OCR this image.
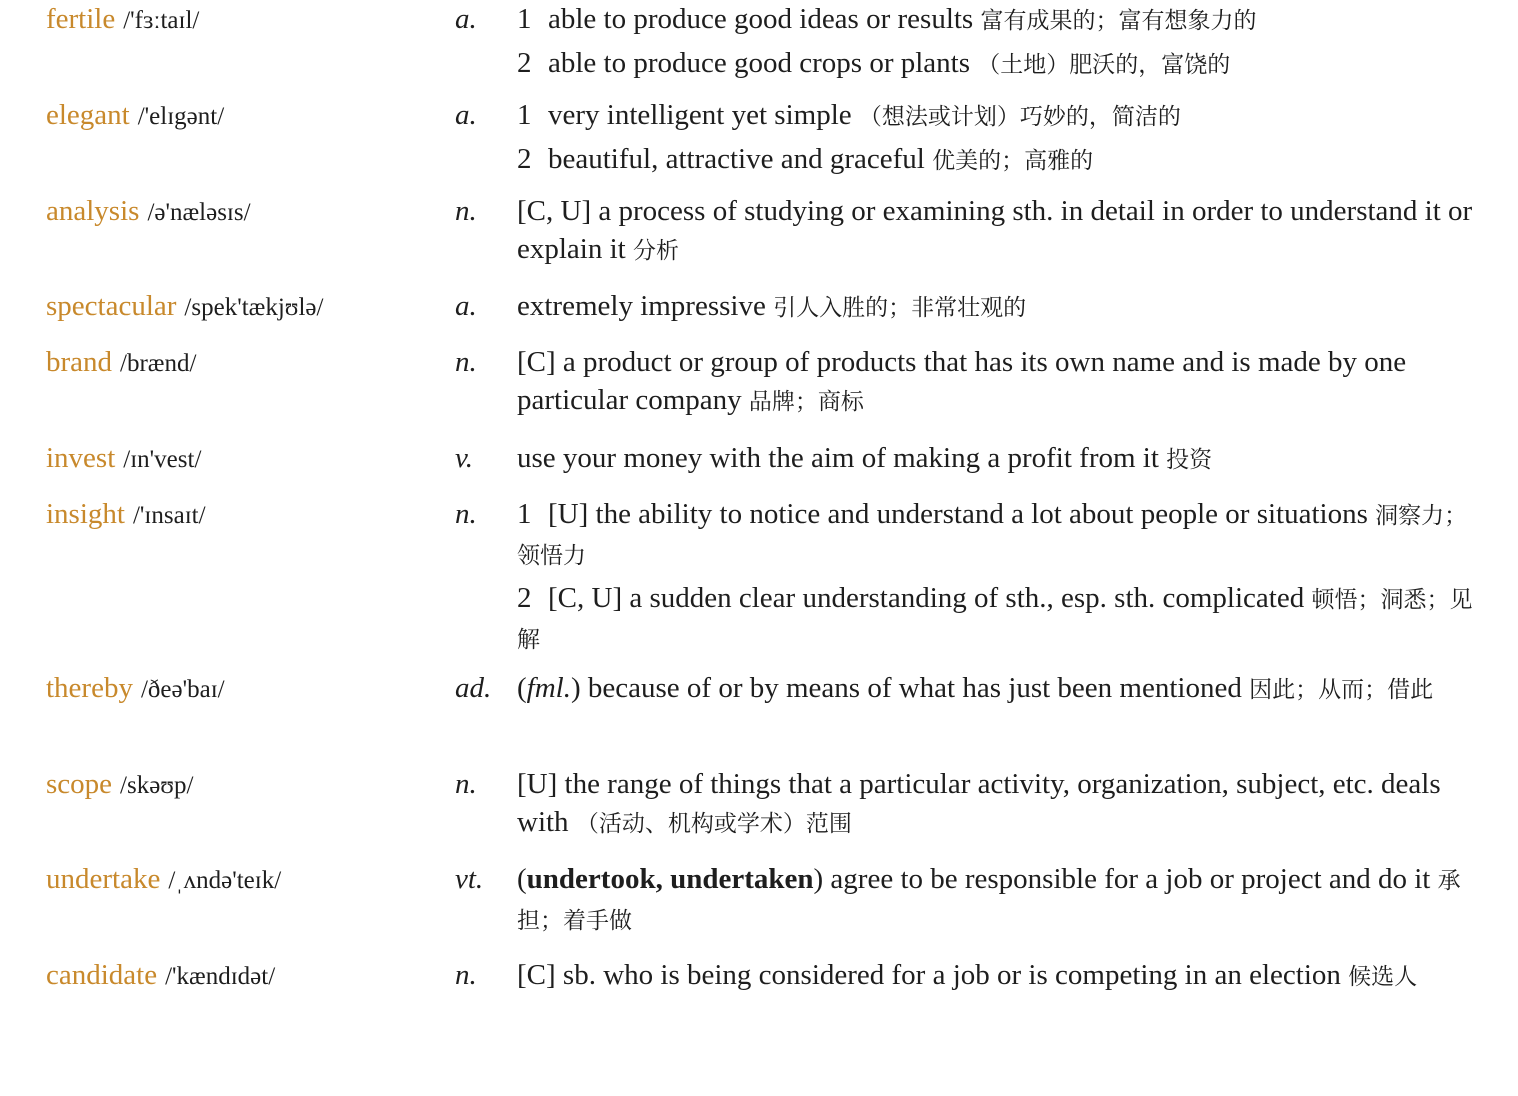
fertile /'fɜːtaɪl/	a. 1 able to produce good ideas or results 富有成果的；富有想象力的
2 able to produce good crops or plants （土地）肥沃的，富饶的
elegant /'elɪgənt/	a. 1 very intelligent yet simple （想法或计划）巧妙的，简洁的
2 beautiful, attractive and graceful 优美的；高雅的
analysis /ə'næləsɪs/	n. [C, U] a process of studying or examining sth. in detail in order to understand it or explain it 分析
spectacular /spek'tækjʊlə/	a. extremely impressive 引人入胜的；非常壮观的
brand /brænd/	n. [C] a product or group of products that has its own name and is made by one particular company 品牌；商标
invest /ɪn'vest/	v. use your money with the aim of making a profit from it 投资
insight /'ɪnsaɪt/	n. 1 [U] the ability to notice and understand a lot about people or situations 洞察力；领悟力
2 [C, U] a sudden clear understanding of sth., esp. sth. complicated 顿悟；洞悉；见解
thereby /ðeə'baɪ/	ad. (fml.) because of or by means of what has just been mentioned 因此；从而；借此
scope /skəʊp/	n. [U] the range of things that a particular activity, organization, subject, etc. deals with （活动、机构或学术）范围
undertake /ˌʌndə'teɪk/	vt. (undertook, undertaken) agree to be responsible for a job or project and do it 承担；着手做
candidate /'kændɪdət/	n. [C] sb. who is being considered for a job or is competing in an election 候选人
